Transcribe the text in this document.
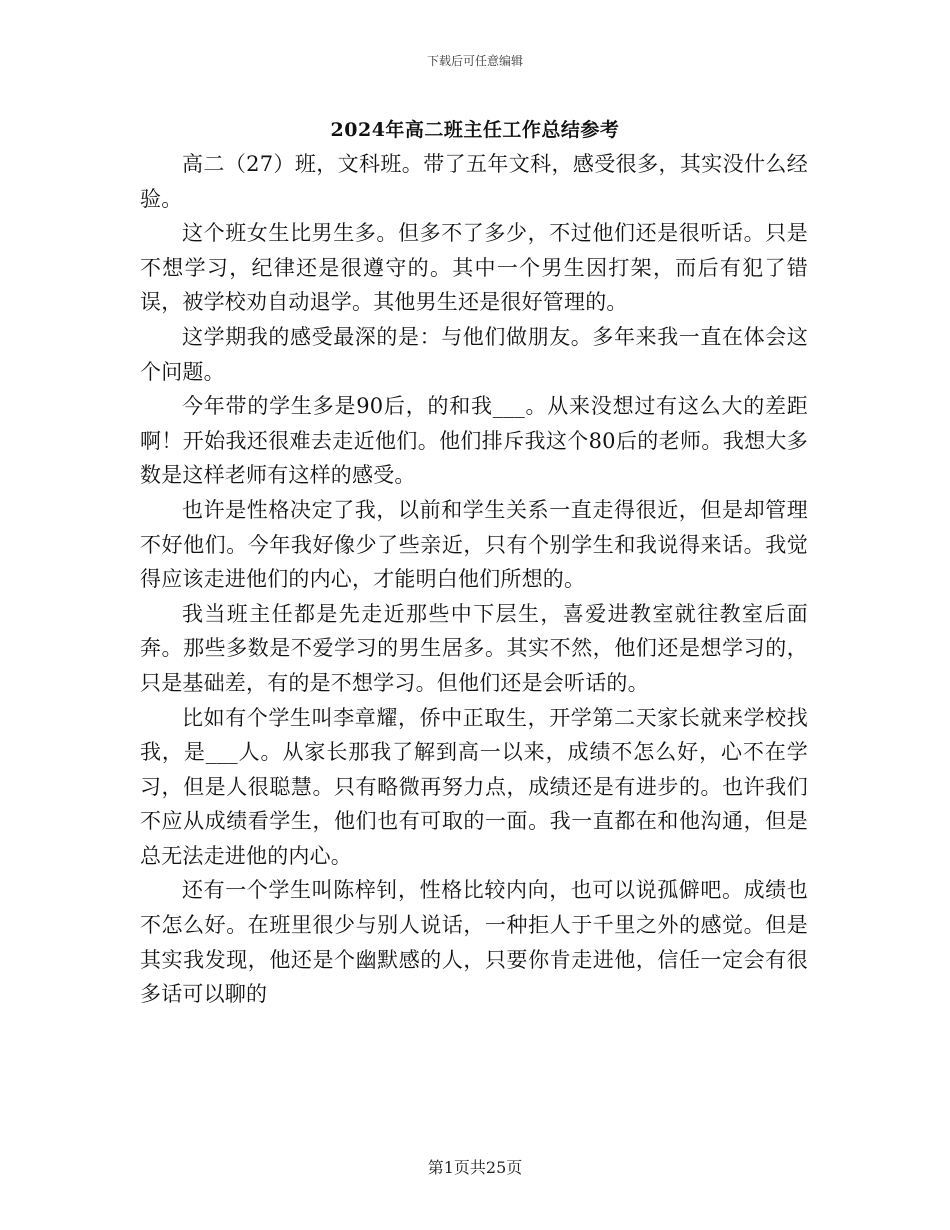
下载后可任意编辑
2024年高二班主任工作总结参考

高二（27）班，文科班。带了五年文科，感受很多，其实没什么经验。

这个班女生比男生多。但多不了多少，不过他们还是很听话。只是不想学习，纪律还是很遵守的。其中一个男生因打架，而后有犯了错误，被学校劝自动退学。其他男生还是很好管理的。

这学期我的感受最深的是：与他们做朋友。多年来我一直在体会这个问题。

今年带的学生多是90后，的和我___。从来没想过有这么大的差距啊！开始我还很难去走近他们。他们排斥我这个80后的老师。我想大多数是这样老师有这样的感受。

也许是性格决定了我，以前和学生关系一直走得很近，但是却管理不好他们。今年我好像少了些亲近，只有个别学生和我说得来话。我觉得应该走进他们的内心，才能明白他们所想的。

我当班主任都是先走近那些中下层生，喜爱进教室就往教室后面奔。那些多数是不爱学习的男生居多。其实不然，他们还是想学习的，只是基础差，有的是不想学习。但他们还是会听话的。

比如有个学生叫李章耀，侨中正取生，开学第二天家长就来学校找我，是___人。从家长那我了解到高一以来，成绩不怎么好，心不在学习，但是人很聪慧。只有略微再努力点，成绩还是有进步的。也许我们不应从成绩看学生，他们也有可取的一面。我一直都在和他沟通，但是总无法走进他的内心。

还有一个学生叫陈梓钊，性格比较内向，也可以说孤僻吧。成绩也不怎么好。在班里很少与别人说话，一种拒人于千里之外的感觉。但是其实我发现，他还是个幽默感的人，只要你肯走进他，信任一定会有很多话可以聊的

第1页共25页
